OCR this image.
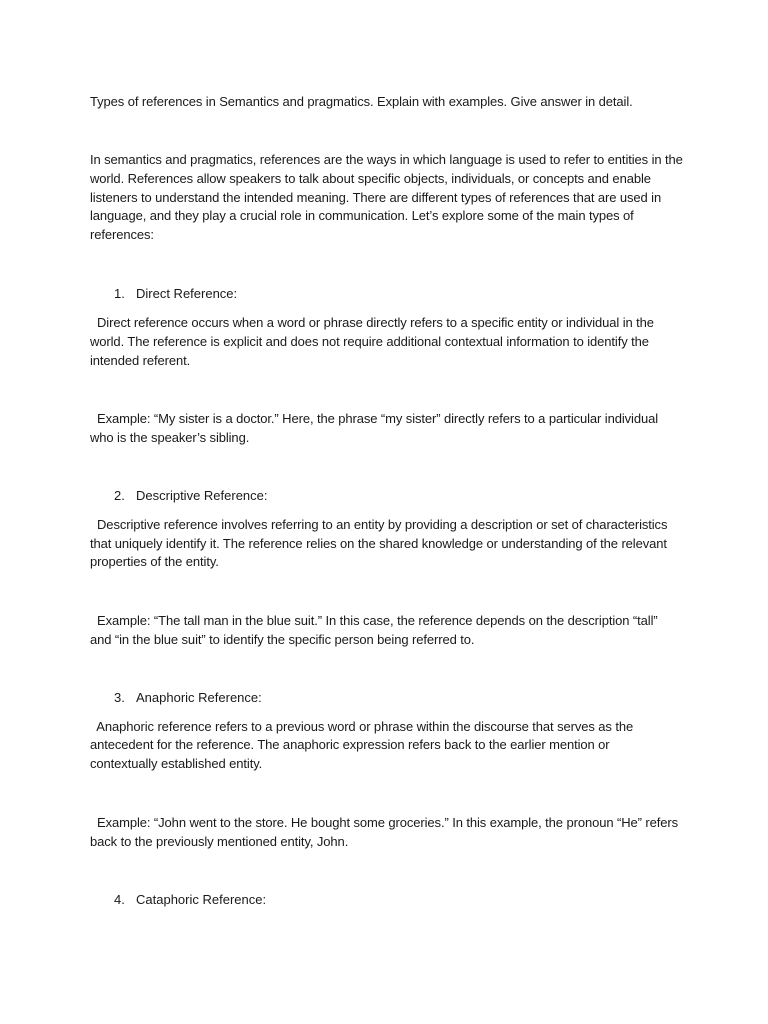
Types of references in Semantics and pragmatics. Explain with examples. Give answer in detail.
In semantics and pragmatics, references are the ways in which language is used to refer to entities in the
world. References allow speakers to talk about specific objects, individuals, or concepts and enable
listeners to understand the intended meaning. There are different types of references that are used in
language, and they play a crucial role in communication. Let’s explore some of the main types of
references:
1. Direct Reference:
Direct reference occurs when a word or phrase directly refers to a specific entity or individual in the
world. The reference is explicit and does not require additional contextual information to identify the
intended referent.
Example: “My sister is a doctor.” Here, the phrase “my sister” directly refers to a particular individual
who is the speaker’s sibling.
2. Descriptive Reference:
Descriptive reference involves referring to an entity by providing a description or set of characteristics
that uniquely identify it. The reference relies on the shared knowledge or understanding of the relevant
properties of the entity.
Example: “The tall man in the blue suit.” In this case, the reference depends on the description “tall”
and “in the blue suit” to identify the specific person being referred to.
3. Anaphoric Reference:
Anaphoric reference refers to a previous word or phrase within the discourse that serves as the
antecedent for the reference. The anaphoric expression refers back to the earlier mention or
contextually established entity.
Example: “John went to the store. He bought some groceries.” In this example, the pronoun “He” refers
back to the previously mentioned entity, John.
4. Cataphoric Reference:
